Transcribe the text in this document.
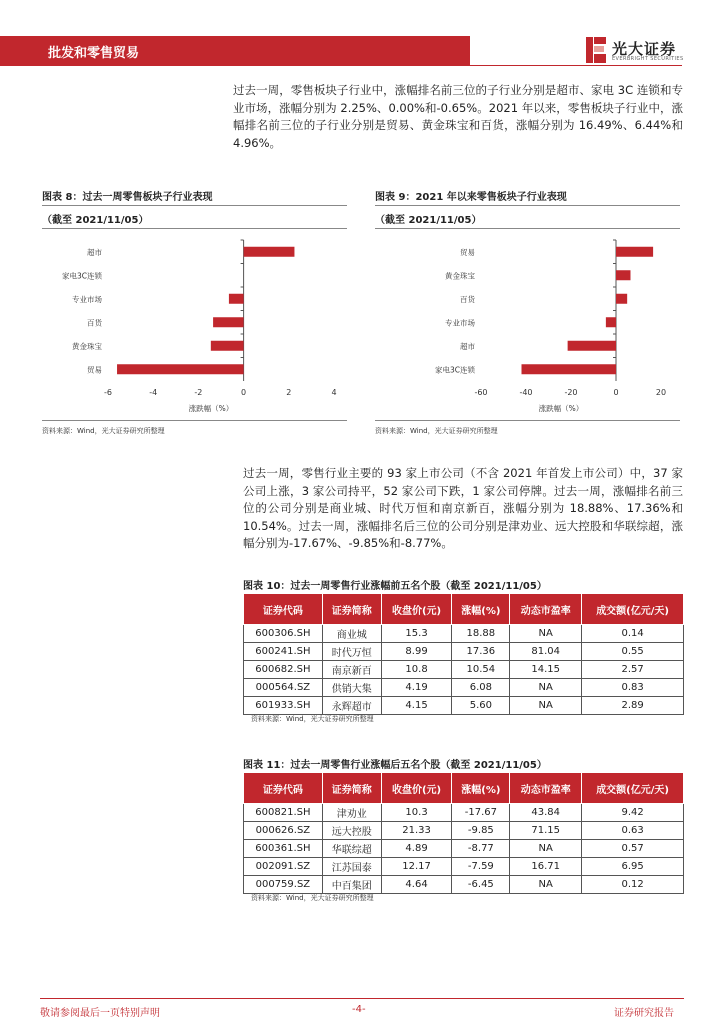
批发和零售贸易	光大证券
EVERBRIGHT SECURITIES
过去一周，零售板块子行业中，涨幅排名前三位的子行业分别是超市、家电 3C 连锁和专业市场，涨幅分别为 2.25%、0.00%和-0.65%。2021 年以来，零售板块子行业中，涨幅排名前三位的子行业分别是贸易、黄金珠宝和百货，涨幅分别为 16.49%、6.44%和 4.96%。
图表 8：过去一周零售板块子行业表现
（截至 2021/11/05）
超市
家电3C连锁
专业市场
百货
黄金珠宝
贸易
-6	-4	-2	0	2	4
涨跌幅（%）
资料来源：Wind，光大证券研究所整理
图表 9：2021 年以来零售板块子行业表现
（截至 2021/11/05）
贸易
黄金珠宝
百货
专业市场
超市
家电3C连锁
-60	-40	-20	0	20
涨跌幅（%）
资料来源：Wind，光大证券研究所整理
过去一周，零售行业主要的 93 家上市公司（不含 2021 年首发上市公司）中，37 家公司上涨，3 家公司持平，52 家公司下跌，1 家公司停牌。过去一周，涨幅排名前三位的公司分别是商业城、时代万恒和南京新百，涨幅分别为 18.88%、17.36%和 10.54%。过去一周，涨幅排名后三位的公司分别是津劝业、远大控股和华联综超，涨幅分别为-17.67%、-9.85%和-8.77%。
图表 10：过去一周零售行业涨幅前五名个股（截至 2021/11/05）
证券代码	证券简称	收盘价(元)	涨幅(%)	动态市盈率	成交额(亿元/天)
600306.SH	商业城	15.3	18.88	NA	0.14
600241.SH	时代万恒	8.99	17.36	81.04	0.55
600682.SH	南京新百	10.8	10.54	14.15	2.57
000564.SZ	供销大集	4.19	6.08	NA	0.83
601933.SH	永辉超市	4.15	5.60	NA	2.89
资料来源：Wind，光大证券研究所整理
图表 11：过去一周零售行业涨幅后五名个股（截至 2021/11/05）
证券代码	证券简称	收盘价(元)	涨幅(%)	动态市盈率	成交额(亿元/天)
600821.SH	津劝业	10.3	-17.67	43.84	9.42
000626.SZ	远大控股	21.33	-9.85	71.15	0.63
600361.SH	华联综超	4.89	-8.77	NA	0.57
002091.SZ	江苏国泰	12.17	-7.59	16.71	6.95
000759.SZ	中百集团	4.64	-6.45	NA	0.12
资料来源：Wind，光大证券研究所整理
敬请参阅最后一页特别声明	-4-	证券研究报告
